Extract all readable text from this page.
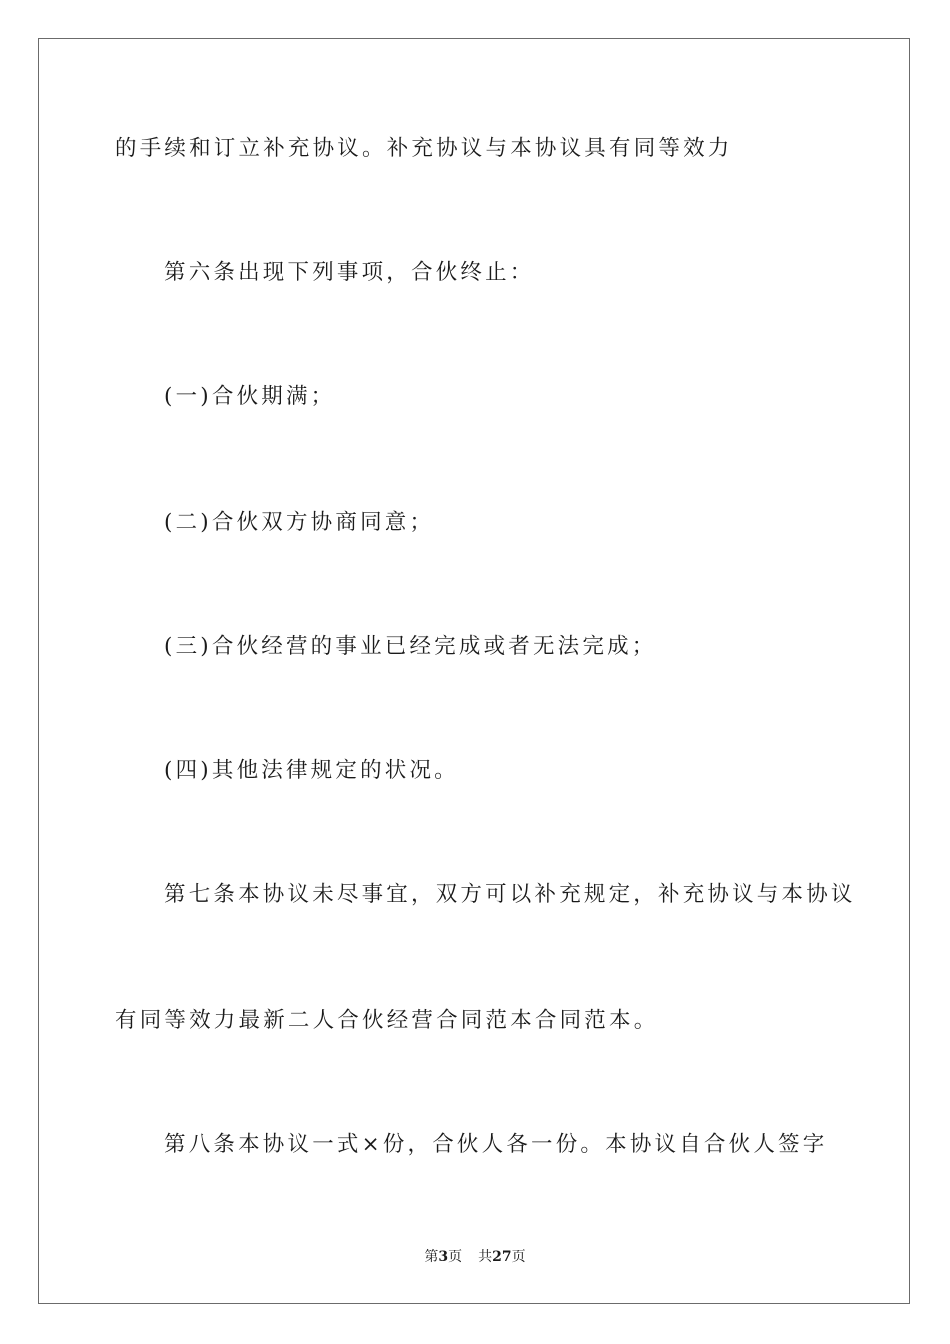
的手续和订立补充协议。补充协议与本协议具有同等效力
第六条出现下列事项，合伙终止：
(一)合伙期满；
(二)合伙双方协商同意；
(三)合伙经营的事业已经完成或者无法完成；
(四)其他法律规定的状况。
第七条本协议未尽事宜，双方可以补充规定，补充协议与本协议
有同等效力最新二人合伙经营合同范本合同范本。
第八条本协议一式×份，合伙人各一份。本协议自合伙人签字
第3页 共27页
